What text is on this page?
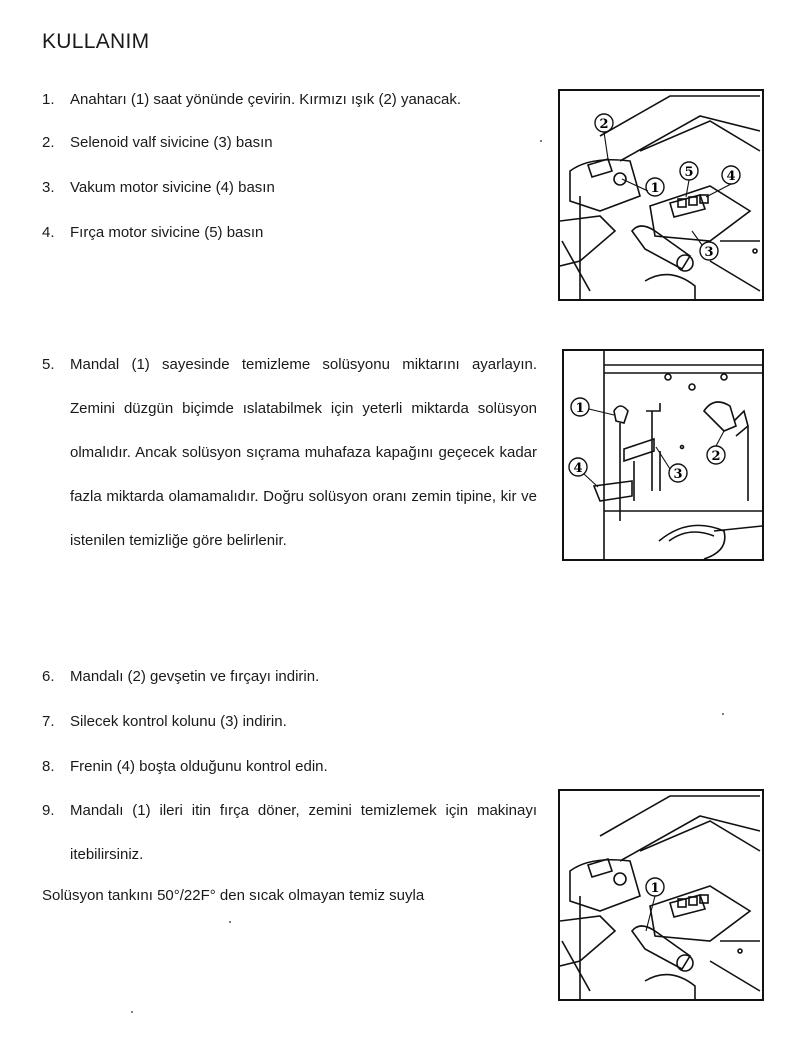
KULLANIM
1. Anahtarı (1) saat yönünde çevirin. Kırmızı ışık (2) yanacak.
2. Selenoid valf sivicine (3) basın
3. Vakum motor sivicine (4) basın
4. Fırça motor sivicine (5) basın
5.	Mandal (1) sayesinde temizleme solüsyonu miktarını ayarlayın. Zemini düzgün biçimde ıslatabilmek için yeterli miktarda solüsyon olmalıdır. Ancak solüsyon sıçrama muhafaza kapağını geçecek kadar fazla miktarda olamamalıdır. Doğru solüsyon oranı zemin tipine, kir ve istenilen temizliğe göre belirlenir.
6. Mandalı (2) gevşetin ve fırçayı indirin.
7. Silecek kontrol kolunu (3) indirin.
8. Frenin (4) boşta olduğunu kontrol edin.
9.	Mandalı (1) ileri itin fırça döner, zemini temizlemek için makinayı itebilirsiniz.
Solüsyon tankını 50°/22F° den sıcak olmayan temiz suyla
2
5	4
1
3
1
2
3
4
1
